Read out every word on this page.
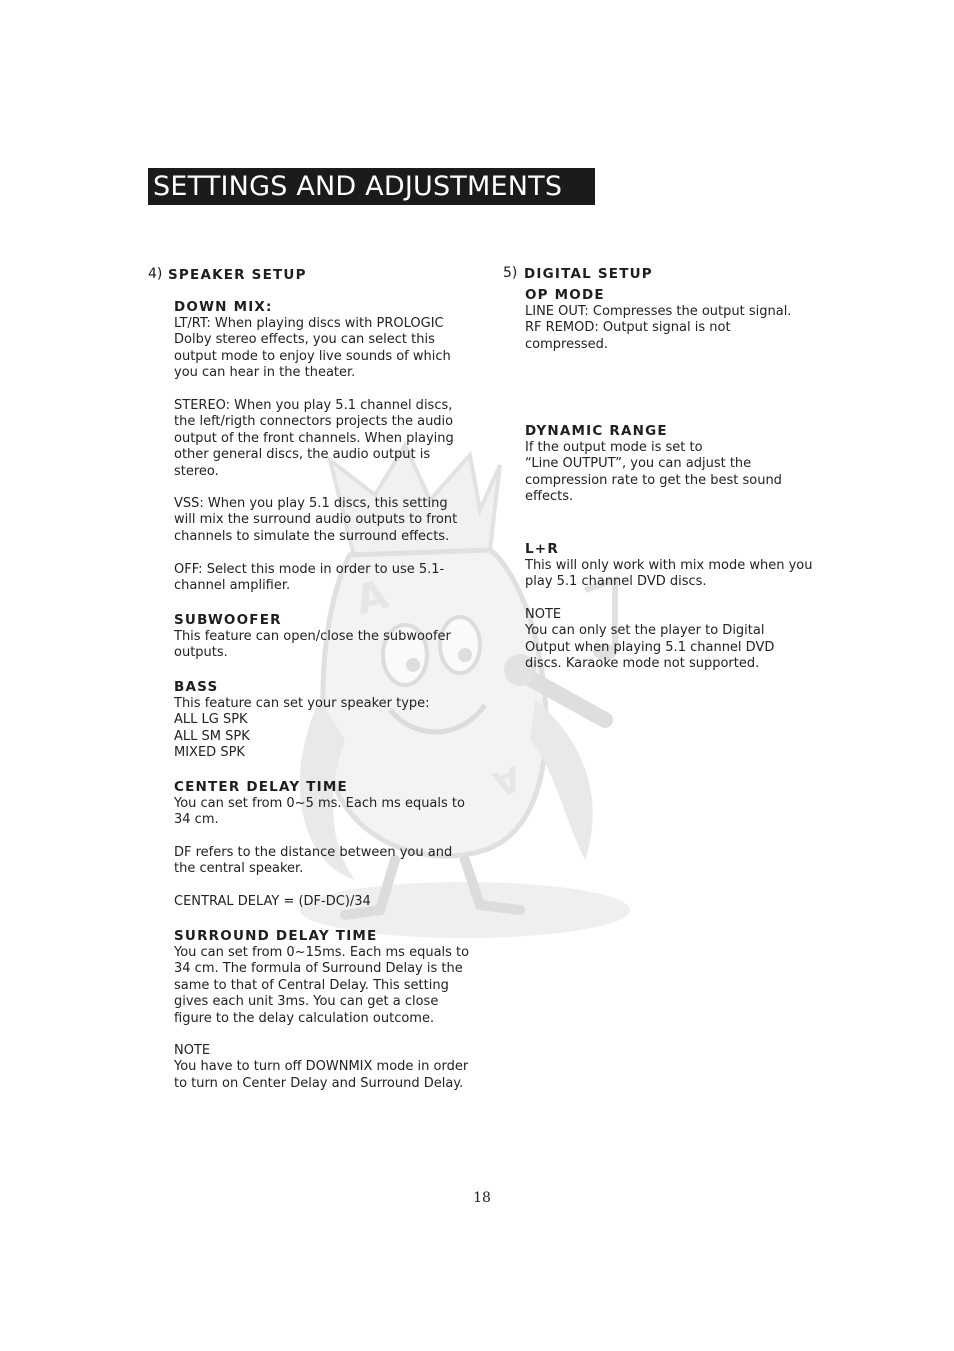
SETTINGS AND ADJUSTMENTS
A
A
4) SPEAKER SETUP
DOWN MIX:

LT/RT: When playing discs with PROLOGIC
Dolby stereo effects, you can select this
output mode to enjoy live sounds of which
you can hear in the theater.

STEREO: When you play 5.1 channel discs,
the left/rigth connectors projects the audio
output of the front channels. When playing
other general discs, the audio output is
stereo.

VSS: When you play 5.1 discs, this setting
will mix the surround audio outputs to front
channels to simulate the surround effects.

OFF: Select this mode in order to use 5.1-
channel amplifier.

SUBWOOFER

This feature can open/close the subwoofer
outputs.

BASS

This feature can set your speaker type:
ALL LG SPK
ALL SM SPK
MIXED SPK

CENTER DELAY TIME

You can set from 0~5 ms. Each ms equals to
34 cm.

DF refers to the distance between you and
the central speaker.

CENTRAL DELAY = (DF-DC)/34

SURROUND DELAY TIME

You can set from 0~15ms. Each ms equals to
34 cm. The formula of Surround Delay is the
same to that of Central Delay. This setting
gives each unit 3ms. You can get a close
figure to the delay calculation outcome.

NOTE

You have to turn off DOWNMIX mode in order
to turn on Center Delay and Surround Delay.

5) DIGITAL SETUP
OP MODE

LINE OUT: Compresses the output signal.
RF REMOD: Output signal is not
compressed.

DYNAMIC RANGE

If the output mode is set to
“Line OUTPUT”, you can adjust the
compression rate to get the best sound
effects.

L+R

This will only work with mix mode when you
play 5.1 channel DVD discs.

NOTE

You can only set the player to Digital
Output when playing 5.1 channel DVD
discs. Karaoke mode not supported.

18
